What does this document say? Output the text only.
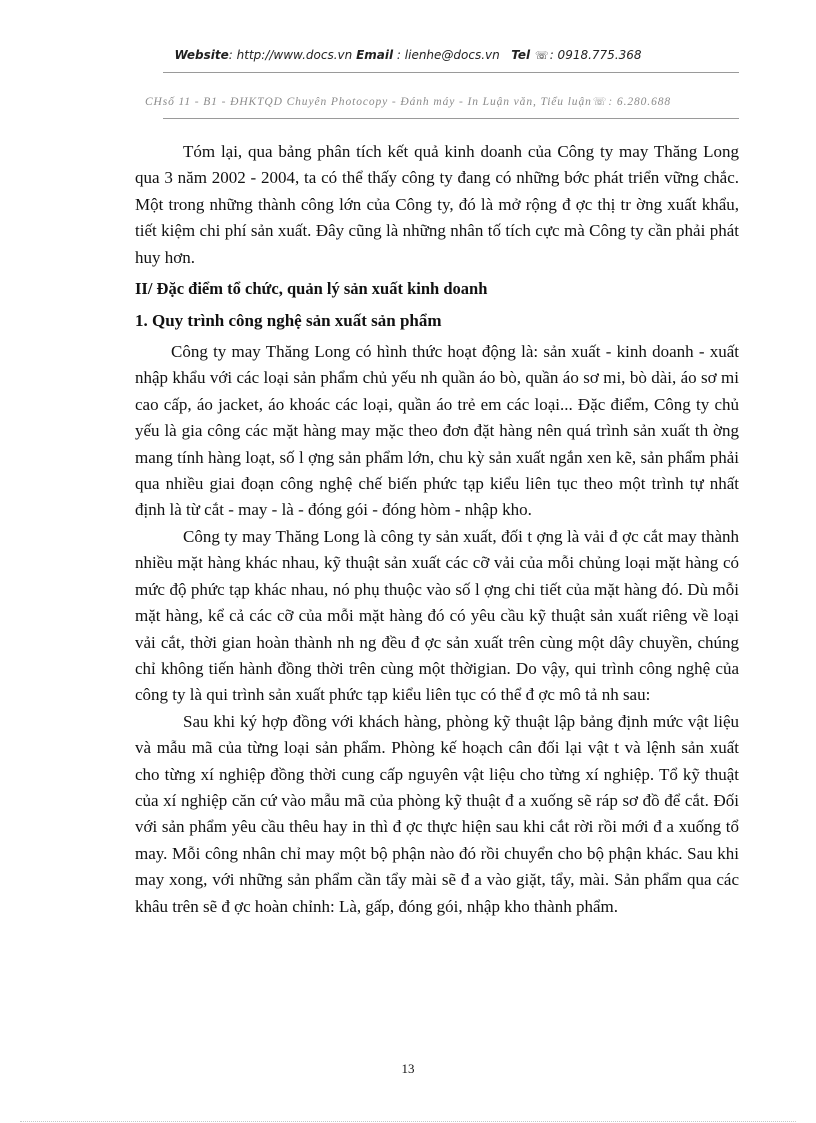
Website: http://www.docs.vn Email : lienhe@docs.vn Tel ☏: 0918.775.368
CHsố 11 - B1 - ĐHKTQD Chuyên Photocopy - Đánh máy - In Luận văn, Tiểu luận☏: 6.280.688

Tóm lại, qua bảng phân tích kết quả kinh doanh của Công ty may Thăng Long qua 3 năm 2002 - 2004, ta có thể thấy công ty đang có những bớc phát triển vững chắc. Một trong những thành công lớn của Công ty, đó là mở rộng đ ợc thị tr ờng xuất khẩu, tiết kiệm chi phí sản xuất. Đây cũng là những nhân tố tích cực mà Công ty cần phải phát huy hơn.

II/ Đặc điểm tổ chức, quản lý sản xuất kinh doanh
1. Quy trình công nghệ sản xuất sản phẩm

Công ty may Thăng Long có hình thức hoạt động là: sản xuất - kinh doanh - xuất nhập khẩu với các loại sản phẩm chủ yếu nh quần áo bò, quần áo sơ mi, bò dài, áo sơ mi cao cấp, áo jacket, áo khoác các loại, quần áo trẻ em các loại... Đặc điểm, Công ty chủ yếu là gia công các mặt hàng may mặc theo đơn đặt hàng nên quá trình sản xuất th ờng mang tính hàng loạt, số l ợng sản phẩm lớn, chu kỳ sản xuất ngắn xen kẽ, sản phẩm phải qua nhiều giai đoạn công nghệ chế biến phức tạp kiểu liên tục theo một trình tự nhất định là từ cắt - may - là - đóng gói - đóng hòm - nhập kho.

Công ty may Thăng Long là công ty sản xuất, đối t ợng là vải đ ợc cắt may thành nhiều mặt hàng khác nhau, kỹ thuật sản xuất các cỡ vải của mỗi chủng loại mặt hàng có mức độ phức tạp khác nhau, nó phụ thuộc vào số l ợng chi tiết của mặt hàng đó. Dù mỗi mặt hàng, kể cả các cỡ của mỗi mặt hàng đó có yêu cầu kỹ thuật sản xuất riêng về loại vải cắt, thời gian hoàn thành nh ng đều đ ợc sản xuất trên cùng một dây chuyền, chúng chỉ không tiến hành đồng thời trên cùng một thờigian. Do vậy, qui trình công nghệ của công ty là qui trình sản xuất phức tạp kiểu liên tục có thể đ ợc mô tả nh sau:

Sau khi ký hợp đồng với khách hàng, phòng kỹ thuật lập bảng định mức vật liệu và mẫu mã của từng loại sản phẩm. Phòng kế hoạch cân đối lại vật t và lệnh sản xuất cho từng xí nghiệp đồng thời cung cấp nguyên vật liệu cho từng xí nghiệp. Tổ kỹ thuật của xí nghiệp căn cứ vào mẫu mã của phòng kỹ thuật đ a xuống sẽ ráp sơ đồ để cắt. Đối với sản phẩm yêu cầu thêu hay in thì đ ợc thực hiện sau khi cắt rời rồi mới đ a xuống tổ may. Mỗi công nhân chỉ may một bộ phận nào đó rồi chuyển cho bộ phận khác. Sau khi may xong, với những sản phẩm cần tẩy mài sẽ đ a vào giặt, tẩy, mài. Sản phẩm qua các khâu trên sẽ đ ợc hoàn chỉnh: Là, gấp, đóng gói, nhập kho thành phẩm.

13
